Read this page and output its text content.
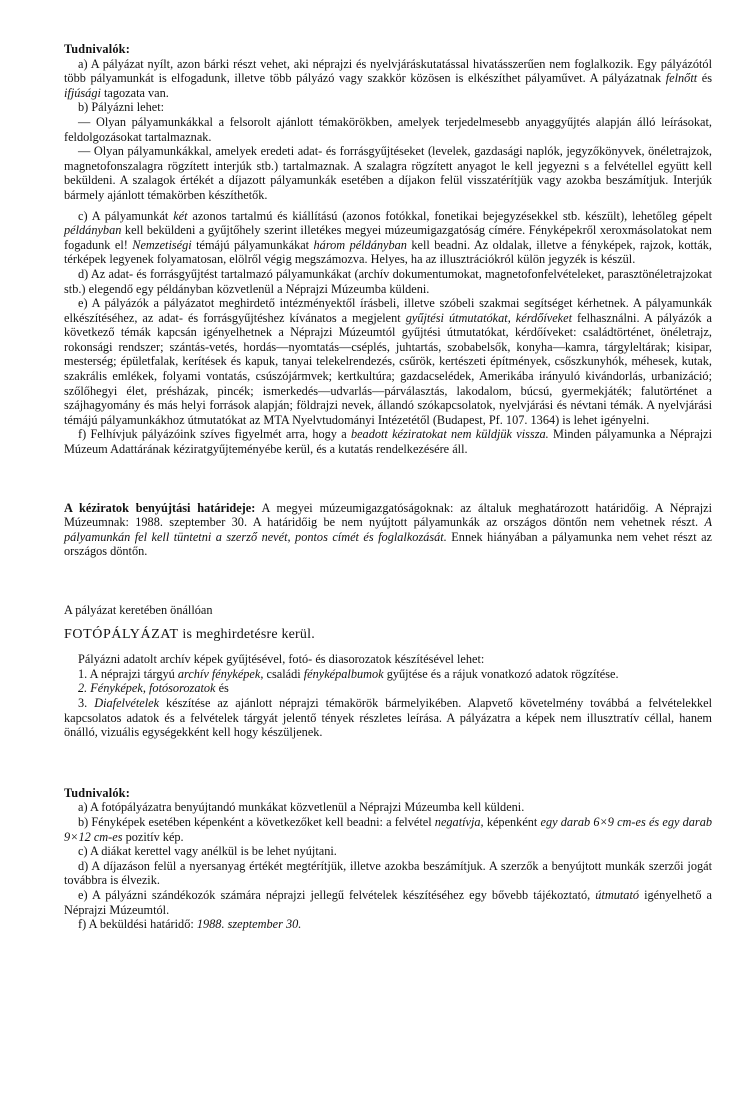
Tudnivalók:

a) A pályázat nyílt, azon bárki részt vehet, aki néprajzi és nyelvjáráskutatással hivatásszerűen nem foglalkozik. Egy pályázótól több pályamunkát is elfogadunk, illetve több pályázó vagy szakkör közösen is elkészíthet pályaművet. A pályázatnak felnőtt és ifjúsági tagozata van.

b) Pályázni lehet:

— Olyan pályamunkákkal a felsorolt ajánlott témakörökben, amelyek terjedelmesebb anyaggyűjtés alapján álló leírásokat, feldolgozásokat tartalmaznak.

— Olyan pályamunkákkal, amelyek eredeti adat- és forrásgyűjtéseket (levelek, gazdasági naplók, jegyzőkönyvek, önéletrajzok, magnetofonszalagra rögzített interjúk stb.) tartalmaznak. A szalagra rögzített anyagot le kell jegyezni s a felvétellel együtt kell beküldeni. A szalagok értékét a díjazott pályamunkák esetében a díjakon felül visszatérítjük vagy azokba beszámítjuk. Interjúk bármely ajánlott témakörben készíthetők.

c) A pályamunkát két azonos tartalmú és kiállítású (azonos fotókkal, fonetikai bejegyzésekkel stb. készült), lehetőleg gépelt példányban kell beküldeni a gyűjtőhely szerint illetékes megyei múzeumigazgatóság címére. Fényképekről xeroxmásolatokat nem fogadunk el! Nemzetiségi témájú pályamunkákat három példányban kell beadni. Az oldalak, illetve a fényképek, rajzok, kották, térképek legyenek folyamatosan, elölről végig megszámozva. Helyes, ha az illusztrációkról külön jegyzék is készül.

d) Az adat- és forrásgyűjtést tartalmazó pályamunkákat (archív dokumentumokat, magnetofonfelvételeket, parasztönéletrajzokat stb.) elegendő egy példányban közvetlenül a Néprajzi Múzeumba küldeni.

e) A pályázók a pályázatot meghirdető intézményektől írásbeli, illetve szóbeli szakmai segítséget kérhetnek. A pályamunkák elkészítéséhez, az adat- és forrásgyűjtéshez kívánatos a megjelent gyűjtési útmutatókat, kérdőíveket felhasználni. A pályázók a következő témák kapcsán igényelhetnek a Néprajzi Múzeumtól gyűjtési útmutatókat, kérdőíveket: családtörténet, önéletrajz, rokonsági rendszer; szántás-vetés, hordás—nyomtatás—cséplés, juhtartás, szobabelsők, konyha—kamra, tárgyleltárak; kisipar, mesterség; épületfalak, kerítések és kapuk, tanyai telekelrendezés, csűrök, kertészeti építmények, csőszkunyhók, méhesek, kutak, szakrális emlékek, folyami vontatás, csúszójármvek; kertkultúra; gazdacselédek, Amerikába irányuló kivándorlás, urbanizáció; szőlőhegyi élet, présházak, pincék; ismerkedés—udvarlás—párválasztás, lakodalom, búcsú, gyermekjáték; falutörténet a szájhagyomány és más helyi források alapján; földrajzi nevek, állandó szókapcsolatok, nyelvjárási és névtani témák. A nyelvjárási témájú pályamunkákhoz útmutatókat az MTA Nyelvtudományi Intézetétől (Budapest, Pf. 107. 1364) is lehet igényelni.

f) Felhívjuk pályázóink szíves figyelmét arra, hogy a beadott kéziratokat nem küldjük vissza. Minden pályamunka a Néprajzi Múzeum Adattárának kéziratgyűjteményébe kerül, és a kutatás rendelkezésére áll.

A kéziratok benyújtási határideje: A megyei múzeumigazgatóságoknak: az általuk meghatározott határidőig. A Néprajzi Múzeumnak: 1988. szeptember 30. A határidőig be nem nyújtott pályamunkák az országos döntőn nem vehetnek részt. A pályamunkán fel kell tüntetni a szerző nevét, pontos címét és foglalkozását. Ennek hiányában a pályamunka nem vehet részt az országos döntőn.

A pályázat keretében önállóan

FOTÓPÁLYÁZAT is meghirdetésre kerül.

Pályázni adatolt archív képek gyűjtésével, fotó- és diasorozatok készítésével lehet:

1. A néprajzi tárgyú archív fényképek, családi fényképalbumok gyűjtése és a rájuk vonatkozó adatok rögzítése.

2. Fényképek, fotósorozatok és

3. Diafelvételek készítése az ajánlott néprajzi témakörök bármelyikében. Alapvető követelmény továbbá a felvételekkel kapcsolatos adatok és a felvételek tárgyát jelentő tények részletes leírása. A pályázatra a képek nem illusztratív céllal, hanem önálló, vizuális egységekként kell hogy készüljenek.

Tudnivalók:

a) A fotópályázatra benyújtandó munkákat közvetlenül a Néprajzi Múzeumba kell küldeni.

b) Fényképek esetében képenként a következőket kell beadni: a felvétel negatívja, képenként egy darab 6×9 cm-es és egy darab 9×12 cm-es pozitív kép.

c) A diákat kerettel vagy anélkül is be lehet nyújtani.

d) A díjazáson felül a nyersanyag értékét megtérítjük, illetve azokba beszámítjuk. A szerzők a benyújtott munkák szerzői jogát továbbra is élvezik.

e) A pályázni szándékozók számára néprajzi jellegű felvételek készítéséhez egy bővebb tájékoztató, útmutató igényelhető a Néprajzi Múzeumtól.

f) A beküldési határidő: 1988. szeptember 30.
